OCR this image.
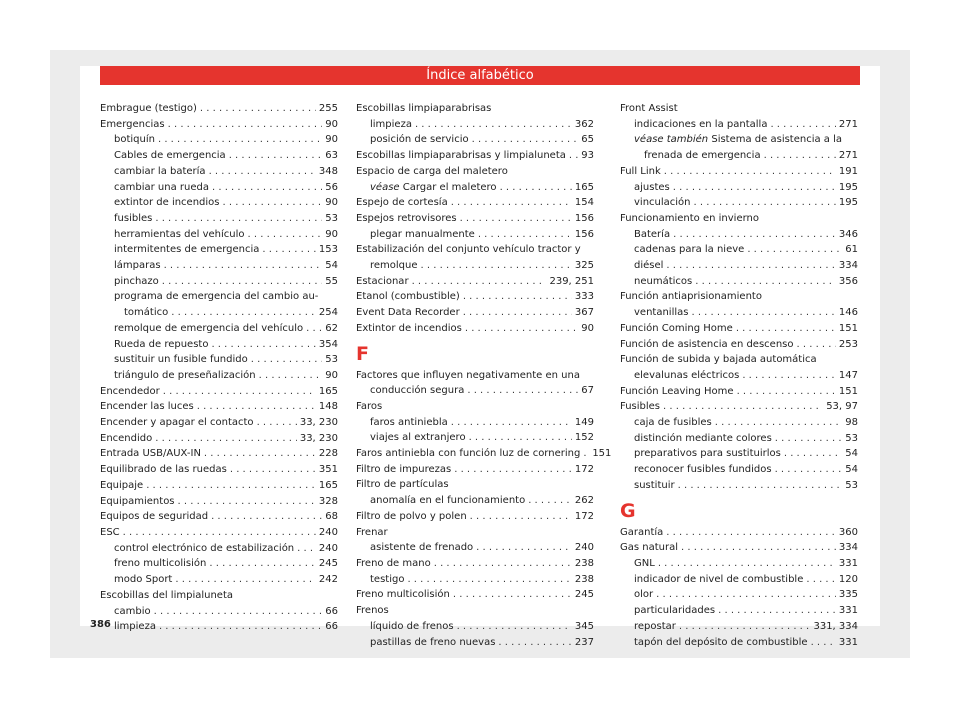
Índice alfabético
Embrague (testigo) . . .	255
Emergencias . . .	90
botiquín . . .	90
Cables de emergencia . . .	63
cambiar la batería . . .	348
cambiar una rueda . . .	56
extintor de incendios . . .	90
fusibles . . .	53
herramientas del vehículo . . .	90
intermitentes de emergencia . . .	153
lámparas . . .	54
pinchazo . . .	55
programa de emergencia del cambio au-
tomático . . .	254
remolque de emergencia del vehículo . . . 62
Rueda de repuesto . . .	354
sustituir un fusible fundido . . .	53
triángulo de preseñalización . . .	90
Encendedor . . .	165
Encender las luces . . .	148
Encender y apagar el contacto . . .	33, 230
Encendido . . .	33, 230
Entrada USB/AUX-IN . . .	228
Equilibrado de las ruedas . . .	351
Equipaje . . .	165
Equipamientos . . .	328
Equipos de seguridad . . .	68
ESC . . .	240
control electrónico de estabilización . . . 240
freno multicolisión . . .	245
modo Sport . . .	242
Escobillas del limpialuneta
cambio . . .	66
limpieza . . .	66
Escobillas limpiaparabrisas
limpieza . . .	362
posición de servicio . . .	65
Escobillas limpiaparabrisas y limpialuneta . . . 93
Espacio de carga del maletero
véase Cargar el maletero . . .	165
Espejo de cortesía . . .	154
Espejos retrovisores . . .	156
plegar manualmente . . .	156
Estabilización del conjunto vehículo tractor y
remolque . . .	325
Estacionar . . .	239, 251
Etanol (combustible) . . .	333
Event Data Recorder . . .	367
Extintor de incendios . . .	90
F
Factores que influyen negativamente en una
conducción segura . . .	67
Faros
faros antiniebla . . .	149
viajes al extranjero . . .	152
Faros antiniebla con función luz de cornering . . . 151
Filtro de impurezas . . .	172
Filtro de partículas
anomalía en el funcionamiento . . .	262
Filtro de polvo y polen . . .	172
Frenar
asistente de frenado . . .	240
Freno de mano . . .	238
testigo . . .	238
Freno multicolisión . . .	245
Frenos
líquido de frenos . . .	345
pastillas de freno nuevas . . .	237
Front Assist
indicaciones en la pantalla . . .	271
véase también Sistema de asistencia a la
frenada de emergencia . . .	271
Full Link . . .	191
ajustes . . .	195
vinculación . . .	195
Funcionamiento en invierno
Batería . . .	346
cadenas para la nieve . . .	61
diésel . . .	334
neumáticos . . .	356
Función antiaprisionamiento
ventanillas . . .	146
Función Coming Home . . .	151
Función de asistencia en descenso . . .	253
Función de subida y bajada automática
elevalunas eléctricos . . .	147
Función Leaving Home . . .	151
Fusibles . . .	53, 97
caja de fusibles . . .	98
distinción mediante colores . . .	53
preparativos para sustituirlos . . .	54
reconocer fusibles fundidos . . .	54
sustituir . . .	53
G
Garantía . . .	360
Gas natural . . .	334
GNL . . .	331
indicador de nivel de combustible . . .	120
olor . . .	335
particularidades . . .	331
repostar . . .	331, 334
tapón del depósito de combustible . . .	331
386
